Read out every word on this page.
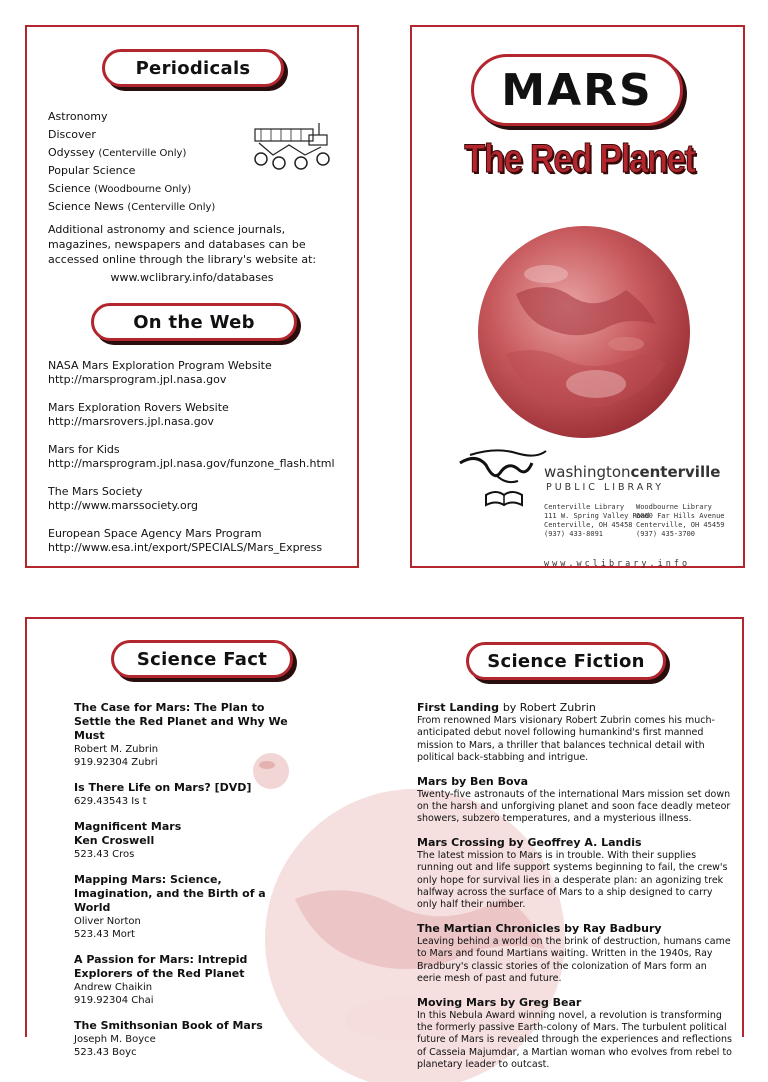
Periodicals
Astronomy
Discover
Odyssey (Centerville Only)
Popular Science
Science (Woodbourne Only)
Science News (Centerville Only)
Additional astronomy and science journals, magazines, newspapers and databases can be accessed online through the library's website at:
www.wclibrary.info/databases
On the Web
NASA Mars Exploration Program Website
http://marsprogram.jpl.nasa.gov
Mars Exploration Rovers Website
http://marsrovers.jpl.nasa.gov
Mars for Kids
http://marsprogram.jpl.nasa.gov/funzone_flash.html
The Mars Society
http://www.marssociety.org
European Space Agency Mars Program
http://www.esa.int/export/SPECIALS/Mars_Express
MARS
The Red Planet
washingtoncenterville
PUBLIC LIBRARY
Centerville Library
111 W. Spring Valley Road
Centerville, OH 45458
(937) 433-8091
Woodbourne Library
6060 Far Hills Avenue
Centerville, OH 45459
(937) 435-3700
www.wclibrary.info
Science Fact	Science Fiction
The Case for Mars: The Plan to Settle the Red Planet and Why We Must
Robert M. Zubrin
919.92304 Zubri
Is There Life on Mars? [DVD]
629.43543 Is t
Magnificent Mars
Ken Croswell
523.43 Cros
Mapping Mars: Science, Imagination, and the Birth of a World
Oliver Norton
523.43 Mort
A Passion for Mars: Intrepid Explorers of the Red Planet
Andrew Chaikin
919.92304 Chai
The Smithsonian Book of Mars
Joseph M. Boyce
523.43 Boyc
First Landing by Robert Zubrin
From renowned Mars visionary Robert Zubrin comes his much-anticipated debut novel following humankind's first manned mission to Mars, a thriller that balances technical detail with political back-stabbing and intrigue.
Mars by Ben Bova
Twenty-five astronauts of the international Mars mission set down on the harsh and unforgiving planet and soon face deadly meteor showers, subzero temperatures, and a mysterious illness.
Mars Crossing by Geoffrey A. Landis
The latest mission to Mars is in trouble. With their supplies running out and life support systems beginning to fail, the crew's only hope for survival lies in a desperate plan: an agonizing trek halfway across the surface of Mars to a ship designed to carry only half their number.
The Martian Chronicles by Ray Badbury
Leaving behind a world on the brink of destruction, humans came to Mars and found Martians waiting. Written in the 1940s, Ray Bradbury's classic stories of the colonization of Mars form an eerie mesh of past and future.
Moving Mars by Greg Bear
In this Nebula Award winning novel, a revolution is transforming the formerly passive Earth-colony of Mars. The turbulent political future of Mars is revealed through the experiences and reflections of Casseia Majumdar, a Martian woman who evolves from rebel to planetary leader to outcast.
